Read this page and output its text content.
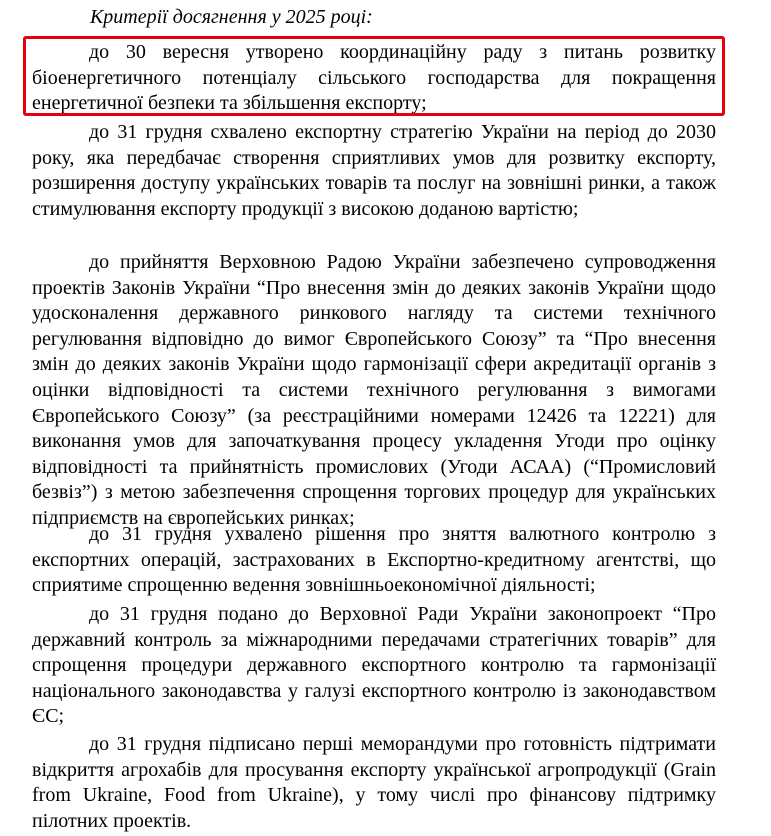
Критерії досягнення у 2025 році:

до 30 вересня утворено координаційну раду з питань розвитку біоенергетичного потенціалу сільського господарства для покращення енергетичної безпеки та збільшення експорту;

до 31 грудня схвалено експортну стратегію України на період до 2030 року, яка передбачає створення сприятливих умов для розвитку експорту, розширення доступу українських товарів та послуг на зовнішні ринки, а також стимулювання експорту продукції з високою доданою вартістю;

до прийняття Верховною Радою України забезпечено супроводження проектів Законів України “Про внесення змін до деяких законів України щодо удосконалення державного ринкового нагляду та системи технічного регулювання відповідно до вимог Європейського Союзу” та “Про внесення змін до деяких законів України щодо гармонізації сфери акредитації органів з оцінки відповідності та системи технічного регулювання з вимогами Європейського Союзу” (за реєстраційними номерами 12426 та 12221) для виконання умов для започаткування процесу укладення Угоди про оцінку відповідності та прийнятність промислових (Угоди АСАА) (“Промисловий безвіз”) з метою забезпечення спрощення торгових процедур для українських підприємств на європейських ринках;

до 31 грудня ухвалено рішення про зняття валютного контролю з експортних операцій, застрахованих в Експортно-кредитному агентстві, що сприятиме спрощенню ведення зовнішньоекономічної діяльності;

до 31 грудня подано до Верховної Ради України законопроект “Про державний контроль за міжнародними передачами стратегічних товарів” для спрощення процедури державного експортного контролю та гармонізації національного законодавства у галузі експортного контролю із законодавством ЄС;

до 31 грудня підписано перші меморандуми про готовність підтримати відкриття агрохабів для просування експорту української агропродукції (Grain from Ukraine, Food from Ukraine), у тому числі про фінансову підтримку пілотних проектів.
